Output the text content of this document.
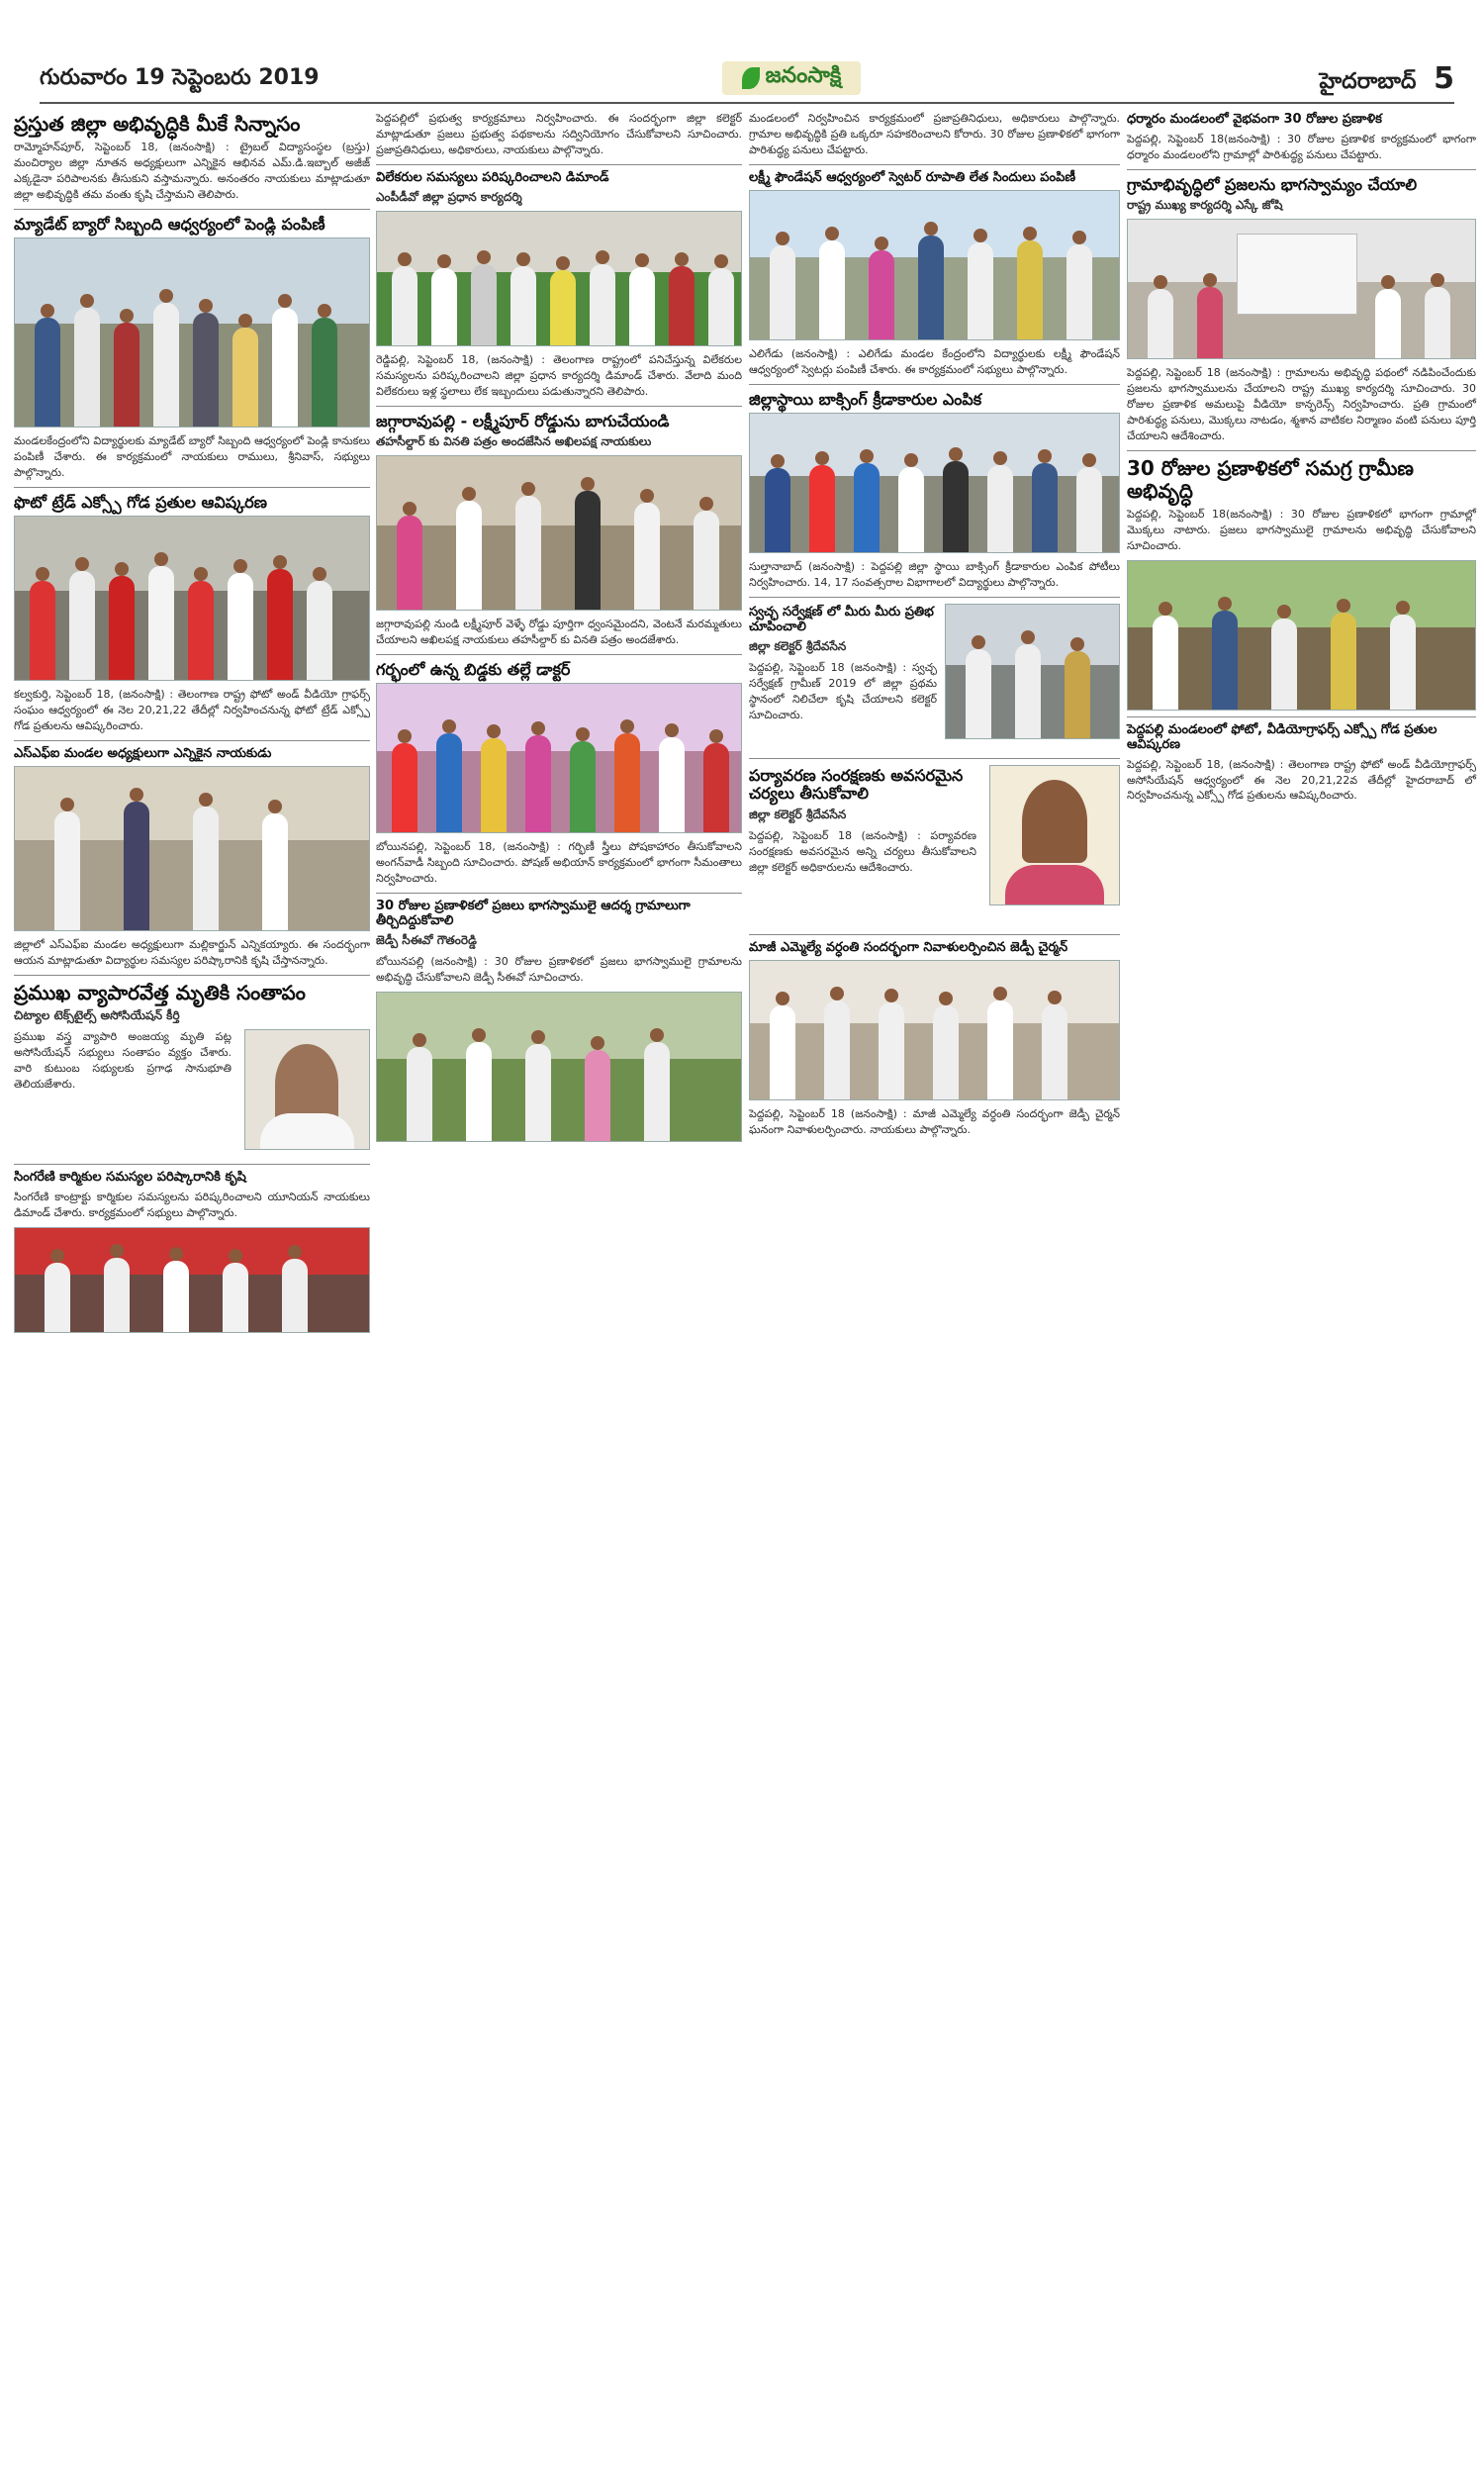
గురువారం 19 సెప్టెంబరు 2019	జనంసాక్షి	హైదరాబాద్ 5
ప్రస్తుత జిల్లా అభివృద్ధికి మీకే సిన్నాసం
రామ్మోహన్‌పూర్, సెప్టెంబర్ 18, (జనంసాక్షి) : ట్రైబల్ విద్యాసంస్థల (బ్రస్తు) మంచిర్యాల జిల్లా నూతన అధ్యక్షులుగా ఎన్నికైన ఆభినవ ఎమ్.డి.ఇబ్బాల్ అజీజ్ ఎక్కడైనా పరిపాలనకు తీసుకుని వస్తామన్నారు. అనంతరం నాయకులు మాట్లాడుతూ జిల్లా అభివృద్ధికి తమ వంతు కృషి చేస్తామని తెలిపారు.
మ్యాడేట్ బ్యారో సిబ్బంది ఆధ్వర్యంలో పెండ్లి పంపిణీ
మండలకేంద్రంలోని విద్యార్థులకు మ్యాడేట్ బ్యారో సిబ్బంది ఆధ్వర్యంలో పెండ్లి కానుకలు పంపిణీ చేశారు. ఈ కార్యక్రమంలో నాయకులు రాములు, శ్రీనివాస్, సభ్యులు పాల్గొన్నారు.
ఫొటో ట్రేడ్ ఎక్స్పో గోడ ప్రతుల ఆవిష్కరణ
కల్వకుర్తి, సెప్టెంబర్ 18, (జనంసాక్షి) : తెలంగాణ రాష్ట్ర ఫోటో అండ్ వీడియో గ్రాఫర్స్ సంఘం ఆధ్వర్యంలో ఈ నెల 20,21,22 తేదీల్లో నిర్వహించనున్న ఫోటో ట్రేడ్ ఎక్స్పో గోడ ప్రతులను ఆవిష్కరించారు.
ఎస్ఎఫ్ఐ మండల అధ్యక్షులుగా ఎన్నికైన నాయకుడు
జిల్లాలో ఎస్ఎఫ్ఐ మండల అధ్యక్షులుగా మల్లికార్జున్ ఎన్నికయ్యారు. ఈ సందర్భంగా ఆయన మాట్లాడుతూ విద్యార్థుల సమస్యల పరిష్కారానికి కృషి చేస్తానన్నారు.
ప్రముఖ వ్యాపారవేత్త మృతికి సంతాపం
చిట్యాల టెక్స్‌టైల్స్ అసోసియేషన్ కీర్తి
ప్రముఖ వస్త్ర వ్యాపారి అంజయ్య మృతి పట్ల అసోసియేషన్ సభ్యులు సంతాపం వ్యక్తం చేశారు. వారి కుటుంబ సభ్యులకు ప్రగాఢ సానుభూతి తెలియజేశారు.
సింగరేణి కార్మికుల సమస్యల పరిష్కారానికి కృషి
సింగరేణి కాంట్రాక్టు కార్మికుల సమస్యలను పరిష్కరించాలని యూనియన్ నాయకులు డిమాండ్ చేశారు. కార్యక్రమంలో సభ్యులు పాల్గొన్నారు.
పెద్దపల్లిలో ప్రభుత్వ కార్యక్రమాలు నిర్వహించారు. ఈ సందర్భంగా జిల్లా కలెక్టర్ మాట్లాడుతూ ప్రజలు ప్రభుత్వ పథకాలను సద్వినియోగం చేసుకోవాలని సూచించారు. ప్రజాప్రతినిధులు, అధికారులు, నాయకులు పాల్గొన్నారు.
విలేకరుల సమస్యలు పరిష్కరించాలని డిమాండ్
ఎంపీడీవో జిల్లా ప్రధాన కార్యదర్శి
రెడ్డిపల్లి, సెప్టెంబర్ 18, (జనంసాక్షి) : తెలంగాణ రాష్ట్రంలో పనిచేస్తున్న విలేకరుల సమస్యలను పరిష్కరించాలని జిల్లా ప్రధాన కార్యదర్శి డిమాండ్ చేశారు. వేలాది మంది విలేకరులు ఇళ్ల స్థలాలు లేక ఇబ్బందులు పడుతున్నారని తెలిపారు.
జగ్గారావుపల్లి - లక్ష్మీపూర్ రోడ్డును బాగుచేయండి
తహసీల్దార్ కు వినతి పత్రం అందజేసిన అఖిలపక్ష నాయకులు
జగ్గారావుపల్లి నుండి లక్ష్మీపూర్ వెళ్ళే రోడ్డు పూర్తిగా ధ్వంసమైందని, వెంటనే మరమ్మతులు చేయాలని అఖిలపక్ష నాయకులు తహసీల్దార్ కు వినతి పత్రం అందజేశారు.
గర్భంలో ఉన్న బిడ్డకు తల్లే డాక్టర్
బోయినపల్లి, సెప్టెంబర్ 18, (జనంసాక్షి) : గర్భిణీ స్త్రీలు పోషకాహారం తీసుకోవాలని అంగన్‌వాడీ సిబ్బంది సూచించారు. పోషణ్ అభియాన్ కార్యక్రమంలో భాగంగా సీమంతాలు నిర్వహించారు.
30 రోజుల ప్రణాళికలో ప్రజలు భాగస్వాములై ఆదర్శ గ్రామాలుగా తీర్చిదిద్దుకోవాలి
జెడ్పీ సీఈవో గౌతంరెడ్డి
బోయినపల్లి (జనంసాక్షి) : 30 రోజుల ప్రణాళికలో ప్రజలు భాగస్వాములై గ్రామాలను అభివృద్ధి చేసుకోవాలని జెడ్పీ సీఈవో సూచించారు.
మండలంలో నిర్వహించిన కార్యక్రమంలో ప్రజాప్రతినిధులు, అధికారులు పాల్గొన్నారు. గ్రామాల అభివృద్ధికి ప్రతి ఒక్కరూ సహకరించాలని కోరారు. 30 రోజుల ప్రణాళికలో భాగంగా పారిశుద్ధ్య పనులు చేపట్టారు.
లక్ష్మీ ఫౌండేషన్ ఆధ్వర్యంలో స్వెటర్ రూపాతి లేత సిందులు పంపిణీ
ఎలిగేడు (జనంసాక్షి) : ఎలిగేడు మండల కేంద్రంలోని విద్యార్థులకు లక్ష్మీ ఫౌండేషన్ ఆధ్వర్యంలో స్వెటర్లు పంపిణీ చేశారు. ఈ కార్యక్రమంలో సభ్యులు పాల్గొన్నారు.
జిల్లాస్థాయి బాక్సింగ్ క్రీడాకారుల ఎంపిక
సుల్తానాబాద్ (జనంసాక్షి) : పెద్దపల్లి జిల్లా స్థాయి బాక్సింగ్ క్రీడాకారుల ఎంపిక పోటీలు నిర్వహించారు. 14, 17 సంవత్సరాల విభాగాలలో విద్యార్థులు పాల్గొన్నారు.
స్వచ్ఛ సర్వేక్షణ్ లో మీరు మీరు ప్రతిభ చూపించాలి
జిల్లా కలెక్టర్ శ్రీదేవసేన
పెద్దపల్లి, సెప్టెంబర్ 18 (జనంసాక్షి) : స్వచ్ఛ సర్వేక్షణ్ గ్రామీణ్ 2019 లో జిల్లా ప్రథమ స్థానంలో నిలిచేలా కృషి చేయాలని కలెక్టర్ సూచించారు.
పర్యావరణ సంరక్షణకు అవసరమైన చర్యలు తీసుకోవాలి
జిల్లా కలెక్టర్ శ్రీదేవసేన
పెద్దపల్లి, సెప్టెంబర్ 18 (జనంసాక్షి) : పర్యావరణ సంరక్షణకు అవసరమైన అన్ని చర్యలు తీసుకోవాలని జిల్లా కలెక్టర్ అధికారులను ఆదేశించారు.
మాజీ ఎమ్మెల్యే వర్ధంతి సందర్భంగా నివాళులర్పించిన జెడ్పీ చైర్మన్
పెద్దపల్లి, సెప్టెంబర్ 18 (జనంసాక్షి) : మాజీ ఎమ్మెల్యే వర్ధంతి సందర్భంగా జెడ్పీ చైర్మన్ ఘనంగా నివాళులర్పించారు. నాయకులు పాల్గొన్నారు.
ధర్మారం మండలంలో వైభవంగా 30 రోజుల ప్రణాళిక
పెద్దపల్లి, సెప్టెంబర్ 18(జనంసాక్షి) : 30 రోజుల ప్రణాళిక కార్యక్రమంలో భాగంగా ధర్మారం మండలంలోని గ్రామాల్లో పారిశుద్ధ్య పనులు చేపట్టారు.
గ్రామాభివృద్ధిలో ప్రజలను భాగస్వామ్యం చేయాలి
రాష్ట్ర ముఖ్య కార్యదర్శి ఎస్కే జోషి
పెద్దపల్లి, సెప్టెంబర్ 18 (జనంసాక్షి) : గ్రామాలను అభివృద్ధి పథంలో నడిపించేందుకు ప్రజలను భాగస్వాములను చేయాలని రాష్ట్ర ముఖ్య కార్యదర్శి సూచించారు. 30 రోజుల ప్రణాళిక అమలుపై వీడియో కాన్ఫరెన్స్ నిర్వహించారు. ప్రతి గ్రామంలో పారిశుద్ధ్య పనులు, మొక్కలు నాటడం, శ్మశాన వాటికల నిర్మాణం వంటి పనులు పూర్తి చేయాలని ఆదేశించారు.
30 రోజుల ప్రణాళికలో సమగ్ర గ్రామీణ అభివృద్ధి
పెద్దపల్లి, సెప్టెంబర్ 18(జనంసాక్షి) : 30 రోజుల ప్రణాళికలో భాగంగా గ్రామాల్లో మొక్కలు నాటారు. ప్రజలు భాగస్వాములై గ్రామాలను అభివృద్ధి చేసుకోవాలని సూచించారు.
పెద్దపల్లి మండలంలో ఫోటో, వీడియోగ్రాఫర్స్ ఎక్స్పో గోడ ప్రతుల ఆవిష్కరణ
పెద్దపల్లి, సెప్టెంబర్ 18, (జనంసాక్షి) : తెలంగాణ రాష్ట్ర ఫోటో అండ్ వీడియోగ్రాఫర్స్ అసోసియేషన్ ఆధ్వర్యంలో ఈ నెల 20,21,22వ తేదీల్లో హైదరాబాద్ లో నిర్వహించనున్న ఎక్స్పో గోడ ప్రతులను ఆవిష్కరించారు.
